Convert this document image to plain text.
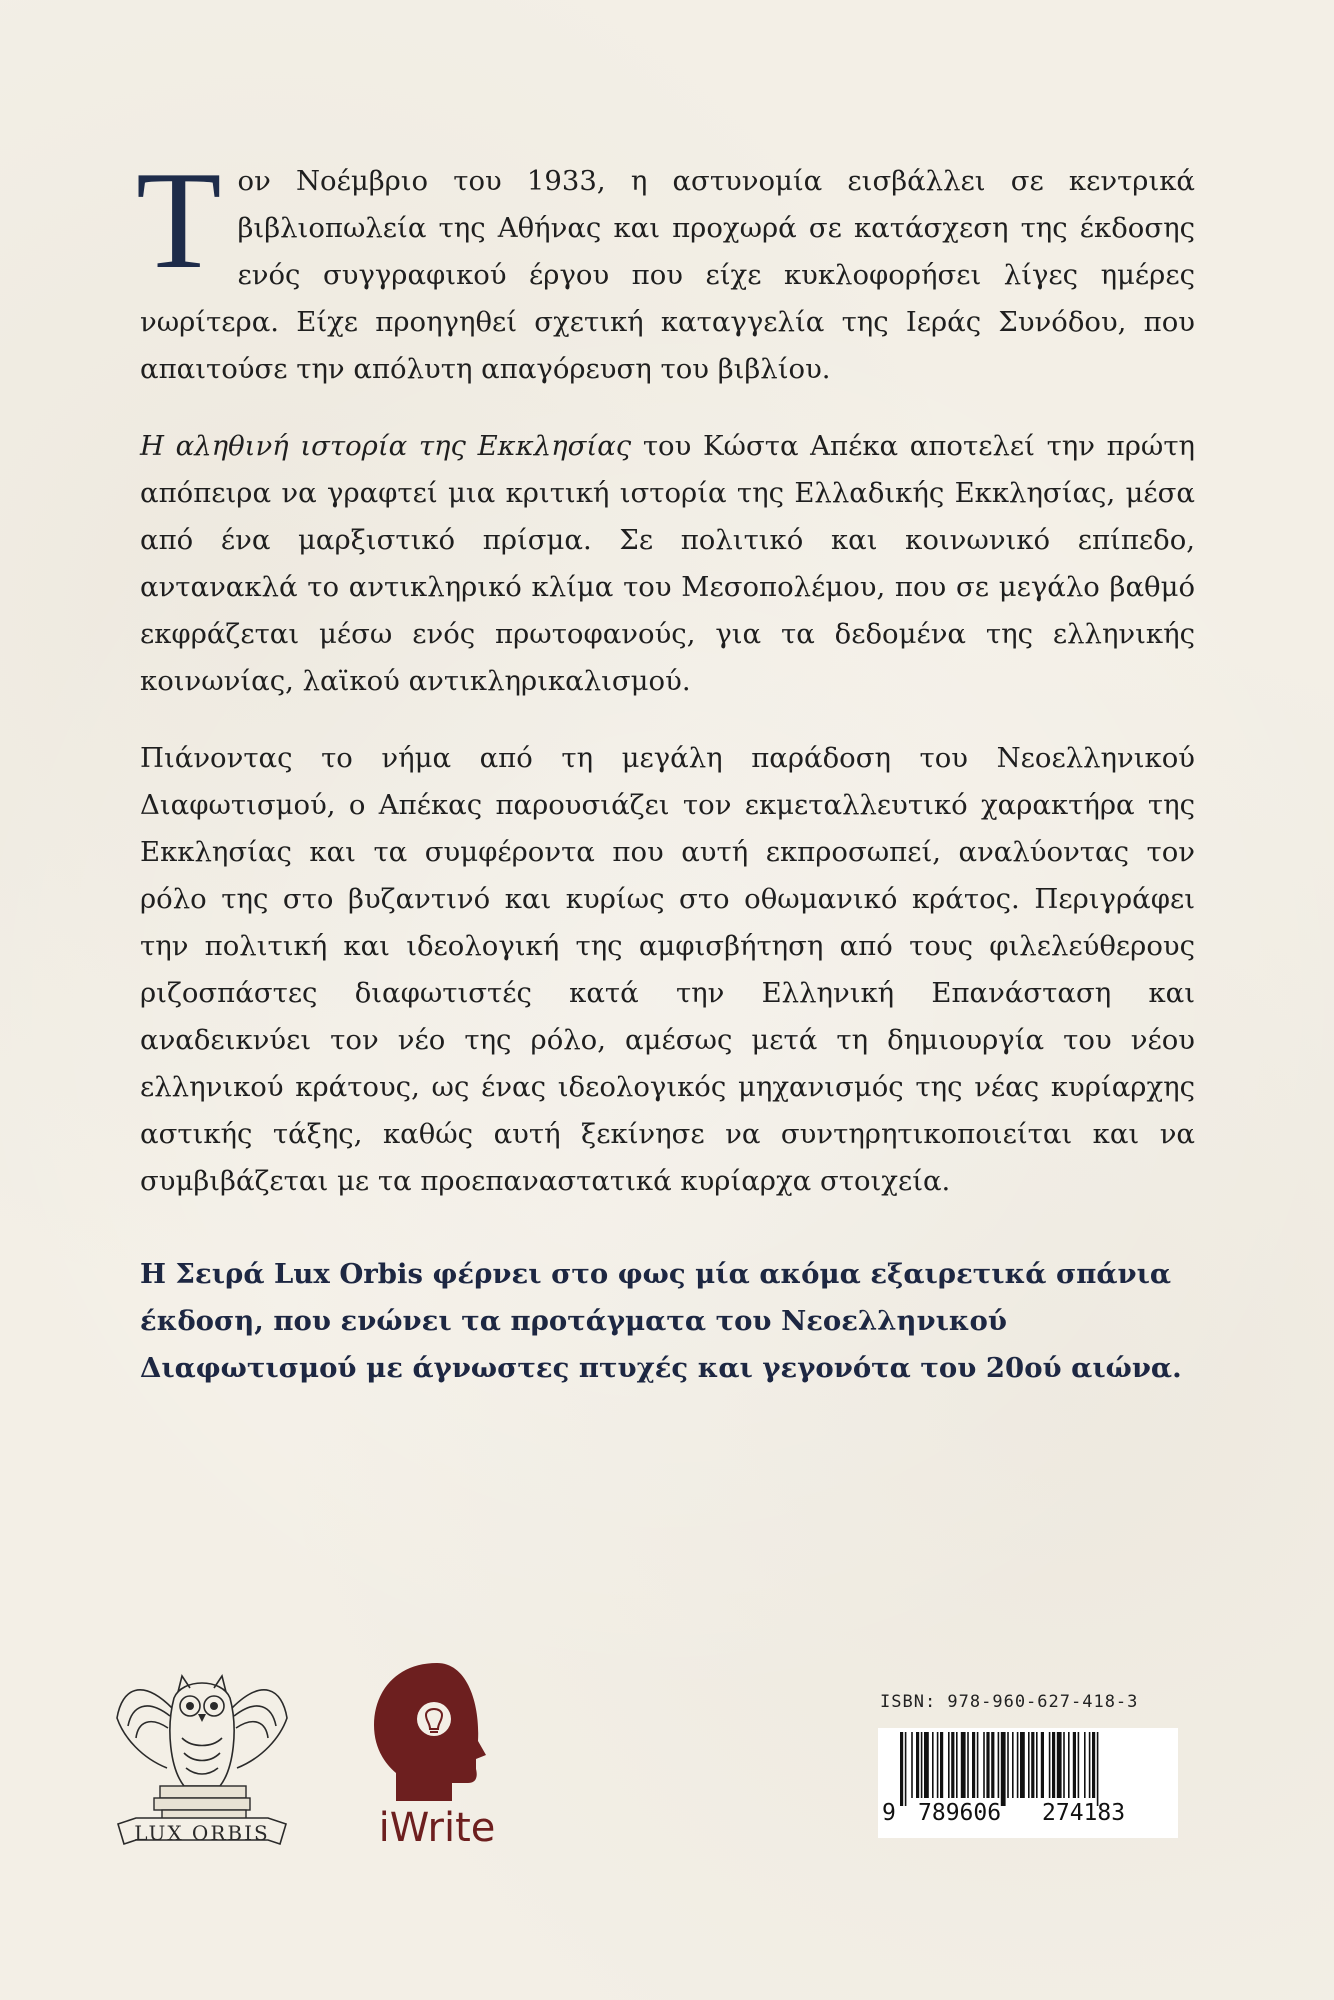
Τον Νοέμβριο του 1933, η αστυνομία εισβάλλει σε κεντρικά βιβλιοπωλεία της Αθήνας και προχωρά σε κατάσχεση της έκδοσης ενός συγγραφικού έργου που είχε κυκλοφορήσει λίγες ημέρες νωρίτερα. Είχε προηγηθεί σχετική καταγγελία της Ιεράς Συνόδου, που απαιτούσε την απόλυτη απαγόρευση του βιβλίου.

Η αληθινή ιστορία της Εκκλησίας του Κώστα Απέκα αποτελεί την πρώτη απόπειρα να γραφτεί μια κριτική ιστορία της Ελλαδικής Εκκλησίας, μέσα από ένα μαρξιστικό πρίσμα. Σε πολιτικό και κοινωνικό επίπεδο, αντανακλά το αντικληρικό κλίμα του Μεσοπολέμου, που σε μεγάλο βαθμό εκφράζεται μέσω ενός πρωτοφανούς, για τα δεδομένα της ελληνικής κοινωνίας, λαϊκού αντικληρικαλισμού.

Πιάνοντας το νήμα από τη μεγάλη παράδοση του Νεοελληνικού Διαφωτισμού, ο Απέκας παρουσιάζει τον εκμεταλλευτικό χαρακτήρα της Εκκλησίας και τα συμφέροντα που αυτή εκπροσωπεί, αναλύοντας τον ρόλο της στο βυζαντινό και κυρίως στο οθωμανικό κράτος. Περιγράφει την πολιτική και ιδεολογική της αμφισβήτηση από τους φιλελεύθερους ριζοσπάστες διαφωτιστές κατά την Ελληνική Επανάσταση και αναδεικνύει τον νέο της ρόλο, αμέσως μετά τη δημιουργία του νέου ελληνικού κράτους, ως ένας ιδεολογικός μηχανισμός της νέας κυρίαρχης αστικής τάξης, καθώς αυτή ξεκίνησε να συντηρητικοποιείται και να συμβιβάζεται με τα προεπαναστατικά κυρίαρχα στοιχεία.

Η Σειρά Lux Orbis φέρνει στο φως μία ακόμα εξαιρετικά σπάνια έκδοση, που ενώνει τα προτάγματα του Νεοελληνικού Διαφωτισμού με άγνωστες πτυχές και γεγονότα του 20ού αιώνα.

LUX ORBIS	iWrite
ISBN: 978-960-627-418-3
9 789606 274183
